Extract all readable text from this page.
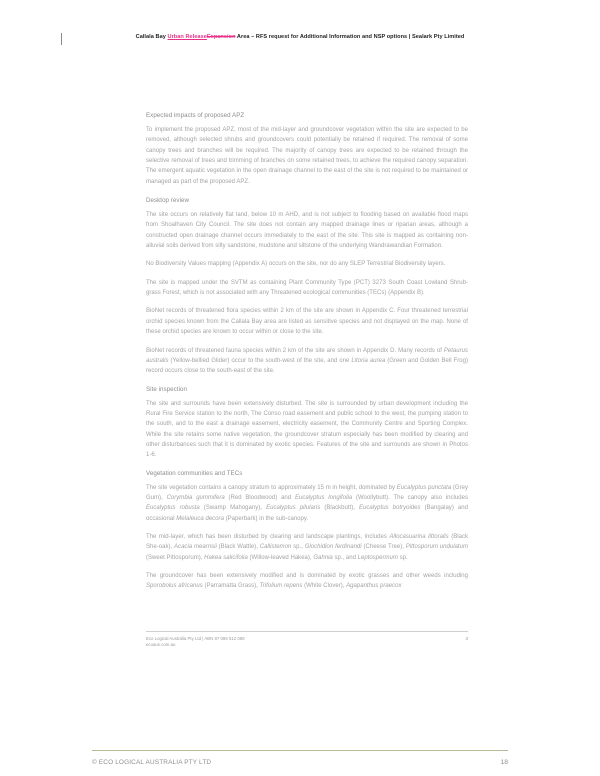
Callala Bay Urban ReleaseExpansion Area – RFS request for Additional Information and NSP options | Sealark Pty Limited
Expected impacts of proposed APZ

To implement the proposed APZ, most of the mid-layer and groundcover vegetation within the site are expected to be removed, although selected shrubs and groundcovers could potentially be retained if required. The removal of some canopy trees and branches will be required. The majority of canopy trees are expected to be retained through the selective removal of trees and trimming of branches on some retained trees, to achieve the required canopy separation. The emergent aquatic vegetation in the open drainage channel to the east of the site is not required to be maintained or managed as part of the proposed APZ.

Desktop review

The site occurs on relatively flat land, below 10 m AHD, and is not subject to flooding based on available flood maps from Shoalhaven City Council. The site does not contain any mapped drainage lines or riparian areas, although a constructed open drainage channel occurs immediately to the east of the site. This site is mapped as containing non-alluvial soils derived from silty sandstone, mudstone and siltstone of the underlying Wandrawandian Formation.

No Biodiversity Values mapping (Appendix A) occurs on the site, nor do any SLEP Terrestrial Biodiversity layers.

The site is mapped under the SVTM as containing Plant Community Type (PCT) 3273 South Coast Lowland Shrub-grass Forest, which is not associated with any Threatened ecological communities (TECs) (Appendix B).

BioNet records of threatened flora species within 2 km of the site are shown in Appendix C. Four threatened terrestrial orchid species known from the Callala Bay area are listed as sensitive species and not displayed on the map. None of these orchid species are known to occur within or close to the site.

BioNet records of threatened fauna species within 2 km of the site are shown in Appendix D. Many records of Petaurus australis (Yellow-bellied Glider) occur to the south-west of the site, and one Litoria aurea (Green and Golden Bell Frog) record occurs close to the south-east of the site.

Site inspection

The site and surrounds have been extensively disturbed. The site is surrounded by urban development including the Rural Fire Service station to the north, The Conso road easement and public school to the west, the pumping station to the south, and to the east a drainage easement, electricity easement, the Community Centre and Sporting Complex. While the site retains some native vegetation, the groundcover stratum especially has been modified by clearing and other disturbances such that it is dominated by exotic species. Features of the site and surrounds are shown in Photos 1-6.

Vegetation communities and TECs

The site vegetation contains a canopy stratum to approximately 15 m in height, dominated by Eucalyptus punctata (Grey Gum), Corymbia gummifera (Red Bloodwood) and Eucalyptus longifolia (Woollybutt). The canopy also includes Eucalyptus robusta (Swamp Mahogany), Eucalyptus pilularis (Blackbutt), Eucalyptus botryoides (Bangalay) and occasional Melaleuca decora (Paperbark) in the sub-canopy.

The mid-layer, which has been disturbed by clearing and landscape plantings, includes Allocasuarina littoralis (Black She-oak), Acacia mearnsii (Black Wattle), Callistemon sp., Glochidion ferdinandi (Cheese Tree), Pittosporum undulatum (Sweet Pittosporum), Hakea salicifolia (Willow-leaved Hakea), Gahnia sp., and Leptospermum sp.

The groundcover has been extensively modified and is dominated by exotic grasses and other weeds including Sporobolus africanus (Parramatta Grass), Trifolium repens (White Clover), Agapanthus praecox

Eco Logical Australia Pty Ltd | ABN 87 096 512 088
ecoaus.com.au
3
© ECO LOGICAL AUSTRALIA PTY LTD	18
